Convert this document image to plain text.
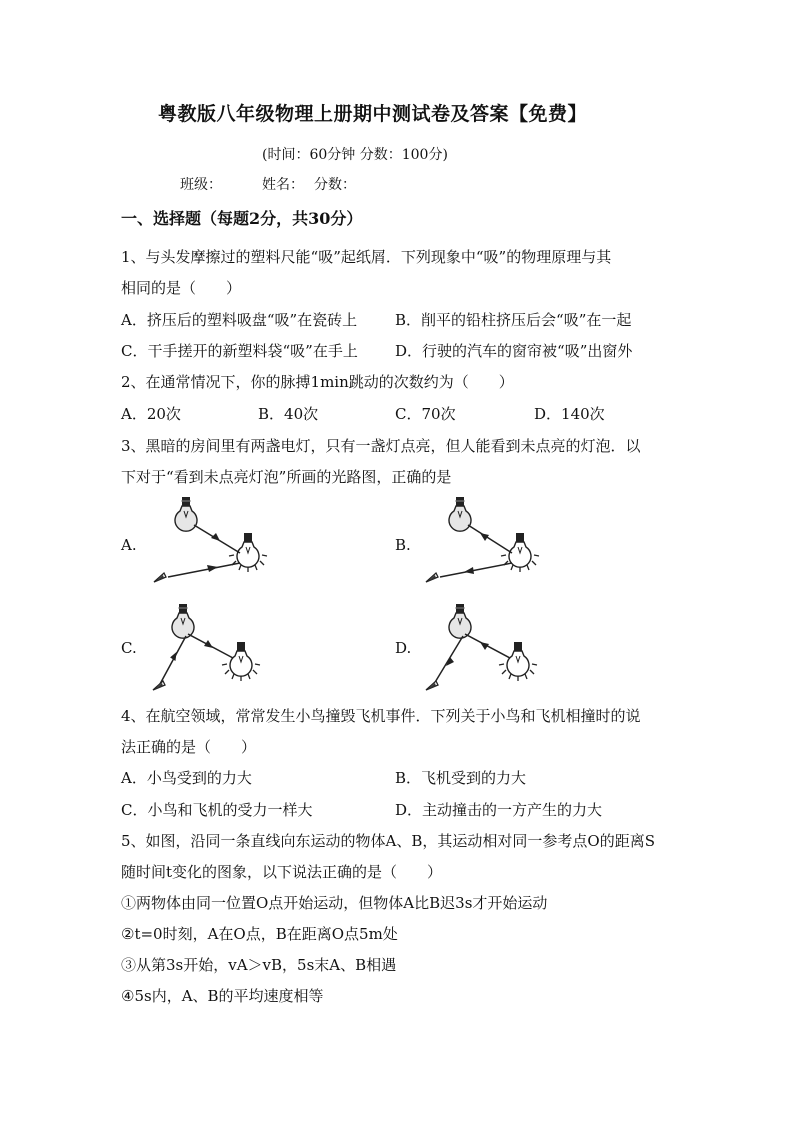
粤教版八年级物理上册期中测试卷及答案【免费】
(时间：60分钟 分数：100分)
班级：	姓名： 分数：
一、选择题（每题2分，共30分）
1、与头发摩擦过的塑料尺能“吸”起纸屑．下列现象中“吸”的物理原理与其
相同的是（　　）
A．挤压后的塑料吸盘“吸”在瓷砖上	B．削平的铅柱挤压后会“吸”在一起
C．干手搓开的新塑料袋“吸”在手上 D．行驶的汽车的窗帘被“吸”出窗外
2、在通常情况下，你的脉搏1min跳动的次数约为（　　）
A．20次	B．40次	C．70次	D．140次
3、黑暗的房间里有两盏电灯，只有一盏灯点亮，但人能看到未点亮的灯泡．以
下对于“看到未点亮灯泡”所画的光路图，正确的是
A.	B.
C.	D.
4、在航空领域，常常发生小鸟撞毁飞机事件．下列关于小鸟和飞机相撞时的说
法正确的是（　　）
A．小鸟受到的力大	B．飞机受到的力大
C．小鸟和飞机的受力一样大	D．主动撞击的一方产生的力大
5、如图，沿同一条直线向东运动的物体A、B，其运动相对同一参考点O的距离S
随时间t变化的图象，以下说法正确的是（　　）
①两物体由同一位置O点开始运动，但物体A比B迟3s才开始运动
②t=0时刻，A在O点，B在距离O点5m处
③从第3s开始，vA＞vB，5s末A、B相遇
④5s内，A、B的平均速度相等
